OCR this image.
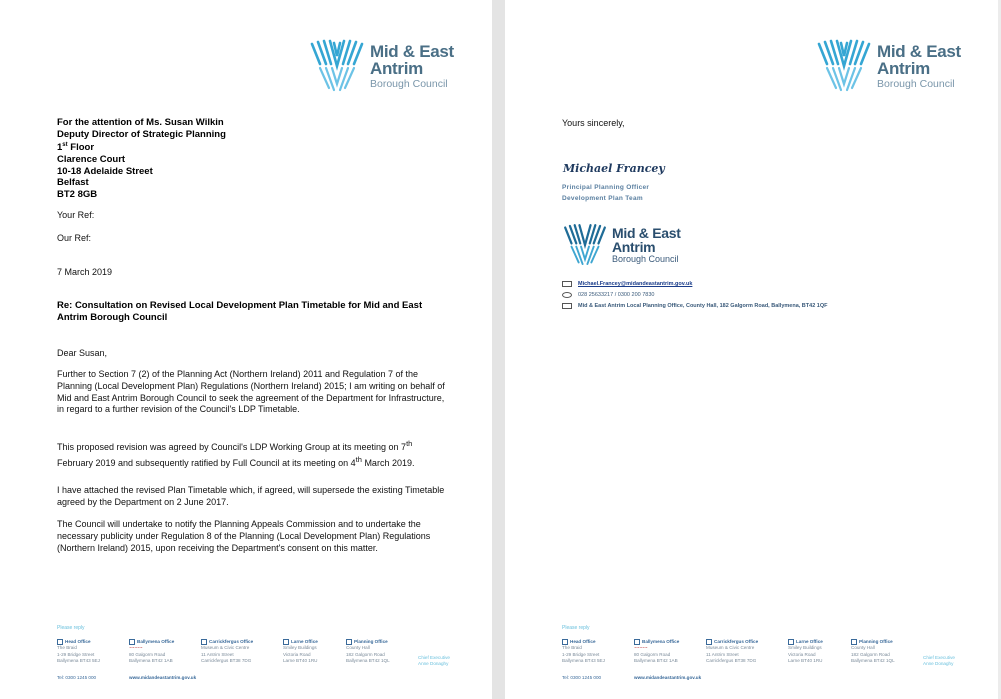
Mid & East
Antrim
Borough Council
For the attention of Ms. Susan Wilkin
Deputy Director of Strategic Planning
1st Floor
Clarence Court
10-18 Adelaide Street
Belfast
BT2 8GB
Your Ref:
Our Ref:
7 March 2019
Re: Consultation on Revised Local Development Plan Timetable for Mid and East Antrim Borough Council
Dear Susan,
Further to Section 7 (2) of the Planning Act (Northern Ireland) 2011 and Regulation 7 of the Planning (Local Development Plan) Regulations (Northern Ireland) 2015; I am writing on behalf of Mid and East Antrim Borough Council to seek the agreement of the Department for Infrastructure, in regard to a further revision of the Council's LDP Timetable.
This proposed revision was agreed by Council's LDP Working Group at its meeting on 7th February 2019 and subsequently ratified by Full Council at its meeting on 4th March 2019.
I have attached the revised Plan Timetable which, if agreed, will supersede the existing Timetable agreed by the Department on 2 June 2017.
The Council will undertake to notify the Planning Appeals Commission and to undertake the necessary publicity under Regulation 8 of the Planning (Local Development Plan) Regulations (Northern Ireland) 2015, upon receiving the Department's consent on this matter.
Please reply
Head Office
The Braid
1-29 Bridge Street
Ballymena BT43 5EJ
Ballymena Office
~~~~~
80 Galgorm Road
Ballymena BT42 1AB
Carrickfergus Office
Museum & Civic Centre
11 Antrim Street
Carrickfergus BT38 7DG
Larne Office
Smiley Buildings
Victoria Road
Larne BT40 1RU
Planning Office
County Hall
182 Galgorm Road
Ballymena BT42 1QL
Chief Executive
Anne Donaghy
Tel: 0300 1245 000	www.midandeastantrim.gov.uk
Mid & East
Antrim
Borough Council
Yours sincerely,
Michael Francey
Principal Planning Officer
Development Plan Team
Mid & East
Antrim
Borough Council
Michael.Francey@midandeastantrim.gov.uk
028 25633217 / 0300 200 7830
Mid & East Antrim Local Planning Office, County Hall, 182 Galgorm Road, Ballymena, BT42 1QF
Please reply
Head Office
The Braid
1-29 Bridge Street
Ballymena BT43 5EJ
Ballymena Office
~~~~~
80 Galgorm Road
Ballymena BT42 1AB
Carrickfergus Office
Museum & Civic Centre
11 Antrim Street
Carrickfergus BT38 7DG
Larne Office
Smiley Buildings
Victoria Road
Larne BT40 1RU
Planning Office
County Hall
182 Galgorm Road
Ballymena BT42 1QL
Chief Executive
Anne Donaghy
Tel: 0300 1245 000	www.midandeastantrim.gov.uk
